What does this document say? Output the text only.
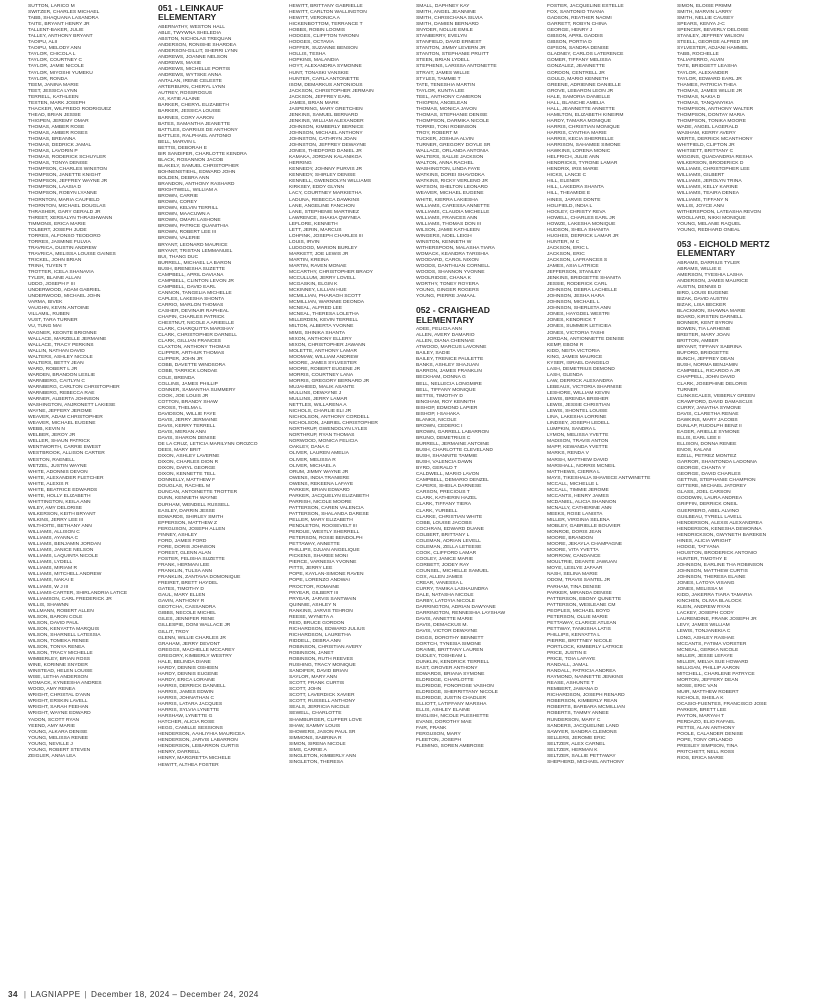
SUTTON, LARICO M
SWITZER, CHARLES MICHAEL
TABB, SHAQUANA LASANDRA
TAITE, BRYANT HENRY JR
TALLENT-BAKER, JULIE
TALLEY, ANTHONY BRYANT
TAOIPU, ALII
TAOIPU, MELODY ANN
TAYLOR, CHICOLA L
TAYLOR, COURTNEY C
TAYLOR, JAMIE NICOLE
TAYLOR, MIYOSHI YUMEKU
TAYLOR, RONDA
TEEM, JANINA MARIE
TEET, JESSICA LYNN
TERRELL, KATHLEEN
TESTEN, MARK JOSEPH
THACKER, WILFREDO RODRIGUEZ
THEAD, BRIAN JESSIE
THIGPEN, JEREMY OMAR
THOMAS, AMBER ROSE
THOMAS, AMBER ROSES
THOMAS, BREANNA
THOMAS, DEDRICK JAMAL
THOMAS, LAVORIN P
THOMAS, RODERICK SCHUYLER
THOMAS, TONYA DENISE
THOMPSON, CHARLES WINSTON
THOMPSON, JANETTE KNIGHT
THOMPSON, JEFFREY WAYNE JR
THOMPSON, LAASIA D
THOMPSON, ROBYN LYANNE
THORNTON, MARIA CAUFIELD
THORNTON, MICHAEL DOUGLAS
THRASHER, GARY GERALD JR
THREET, XERSALYN THRASHWANN
TIMMONS, ERICA MARIE
TOLBERT, JOSEPH JUDE
TORRES, ALFONSO TEODORO
TORRES, JASMINE FULVIA
TRAVRICA, DUSTIN ANDREW
TRAVRICA, MELISSA LOUISE GAINES
TRICKEL, JOHN BRIAN
TRINH, TUYEN T
TROTTER, ICELA SHANAVIA
TYLER, BLAINE ALLAN
UDDO, JOSEPH F III
UNDERWOOD, ADAM GABRIEL
UNDERWOOD, MICHAEL JOHN
VARMA, BIVEK
VAUGHN, KEVIN ANTOINE
VILLAMIL, RUBEN
VUST, TARA TURNER
VU, TUNG MAI
WAGNER, KEONTE BRIONNE
WALLACE, MARZELLE JERMAINE
WALLACE, TRACY PERKINS
WALLIN, NATHAN DAVID
WALTERS, ASHLEY NICOLE
WALTERS, BETTY JEAN
WARD, ROBERT L JR
WARDEN, BRANDON LESLIE
WARNBERG, CAITLYN C
WARNBERG, CARLTON CHRISTOPHER
WARNBERG, REBECCA RAE
WARNER, ALBERTA JOHNSON
WASHINGTON, ANJRONETT LAKIESE
WAYNE, JEFFERY JEROME
WEAVER, ADAM CHRISTOPHER
WEAVER, MICHAEL EUGENE
WEBB, KEVIN N
WELBER, JEROY JR
WELLER, SHAUN PATRICK
WENTWORTH, CARRIE EWEST
WESTBROOK, ALLISON CARTER
WESTON, RAENELL
WETZEL, JUSTIN WAYNE
WHITE, ADONNIS DEVON
WHITE, ALEXANDER FLETCHER
WHITE, ALEXIS R
WHITE, BEATRICE EDWARDS
WHITE, HOLLY ELIZABETH
WHITTINGTON, KEILA ANN
WILEY, AMY DELORISE
WILKERSON, KEITH BRYANT
WILKINS, JERRY LEE III
WILTHOITE, BETHANY ANN
WILLIAMS, ALLISON C
WILLIAMS, AYANNA C
WILLIAMS, BENJAMIN JORDAN
WILLIAMS, JANICE NELSON
WILLIAMS, LAQUINTA NICOLE
WILLIAMS, LYDELL
WILLIAMS, MIRIAM R
WILLIAMS, MITCHELL ANDREW
WILLIAMS, NAKAI E
WILLIAMS, W J III
WILLIAMS-CARTER, SHIRLANDRIA LATICE
WILLIAMSON, CARL FREDERICK JR
WILLIS, SHAWNN
WILLMANN, ROBERT ALLEN
WILSON, BARON COLE
WILSON, DAVID PAUL
WILSON, KENYATTA MARQUIS
WILSON, SHARNELL LATESSIA
WILSON, TOMEKA RENEE
WILSON, TONYA RENEA
WILSON, TRACY MICHELLE
WIMBERLEY, BRIAN ROSS
WINE, KORINNE SNYDER
WINSTEAD, HELEN LOUISE
WISE, LETHA ANDERSON
WOMACK, KYNEESHA ANDRES
WOOD, AMY RENEA
WRIGHT, CHRISTAL D'ANN
WRIGHT, ERSKIN LAVELL
WRIGHT, SARAH FEEHAN
WRIGHT, WAYNE EDWARD
YADON, SCOTT RYAN
YEEND, AMY MARIE
YOUNG, ALKARA DENISE
YOUNG, MELISSA RENEE
YOUNG, NEVILLE J
YOUNG, ROBERT STEVEN
ZEIGLER, ANNA LEA
051 - LEINKAUF ELEMENTARY
ABERNATHY, WESTON HALL
ABLE, TWYWNA SHELEDIA
ABSTON, NICHOLAS TREQUAN
ANDERSON, RONISHE SHARDEA
ANDERSON-GILLIT, SHERRI LYNN
ANDREWS, JOANNE NELSON
ANDREWS, MAXIE
ANDREWS, MICHELLE PORTIS
ANDREWS, WYTSKE ANNA
ANTALAN, IRENE CELESTE
ARTERBURN, CHERYL LYNN
AUTREY, ROSSROGUS
AX, KATIE ALAINE
BARKER, CHERYL ELIZABETH
BARKER, JESSICA LOUISE
BARNES, CORY AARON
BATES, SAMANTHA JEANETTE
BATTLES, DARRIUS DE ANTHONY
BATTLES, RALPHAEL ANTONIO
BELL, MARVIN L
BETTIS, DEBORAH E
BIR SANDIFER, CHARLOTTE KENDRA
BLACK, ROSANNON JACOB
BLAKELY, SAMUEL CHRISTOPHER
BOHNENSTIEHL, EDWARD JOHN
BOLDEN, DEBRA ANN
BRANDON, ANTHONY RASHARD
BRIGHTWELL, WILLIAM A
BROWN, CARRIE
BROWN, COREY
BROWN, KELVIN TERRILL
BROWN, MAACUWN A
BROWN, OMARI LASHONE
BROWN, PATRICE QUANITHIA
BROWN, ROBERT LEE III
BROWN, VALERIE
BRYANT, LEONARD MAURICE
BRYANT, TRISTAN LEMMANUEL
BUI, THANG DUC
BURRELL, MICHAEL LA BARON
BUSH, BRENESHA SUZETTE
CAMPBELL, APRIL DAVIANA
CAMPBELL, CLINTON LEVON JR
CAMPBELL, DAVID EARL
CANNON, TANGELIA MICHELLE
CAPLES, LAKESHA SHONTA
CARRIO, MARLON THOMAS
CASHER, DEVINAIR RAPHEAL
CHAPIN, CHARLES PATRICK
CHESTNUT, NICOLE A ARIEELLE
CLARK, CHARQUITTA MARSHAY
CLARK, CHRISTOPHER DARNELL
CLARK, GILLIAN FRANCES
CLAXTON, ANTHONY THOMAS
CLIPPER, ARTHUR THOMAS
CLIPPER, JOHN JR
COBB, DAVETTE WINDSORA
COBB, TARRICK LONDAE
COLE, BRENDA
COLLINS, JAMES PHILLIP
CONNER, SAMANTHA SUMMERY
COOK, JOE LOUIS JR
COTTON, BRANDY SHAW
CROSS, THELMA L
DAVIDSON, WILLIE FAYE
DAVIS, JERRY JERMAINE
DAVIS, KERRY TERRELL
DAVIS, MERIAN ANN
DAVIS, SHARON DENISE
DE LA CRUZ, LETICIA MARILYNN OROZCO
DEES, MARY BRIT
DIXON, ASHLEY LAVERNE
DIXON, CHARLES DION R
DIXON, DARYL GEORGE
DIXON, KENNETTE TELL
DONNELLY, MATTHEW F
DOUGLAS, RACHEL M
DUNCAN, ANTOINETTE TROTTER
DUNN, KENNETH WAYNE
DURHAM, WENDELL RUSSELL
EASLEY, DARRIN JESSE
EDWARDS, SHIRLEY SMITH
EPPERSON, MATTHEW Z
FERGUSON, JOSEPH ALLEN
FINNEY, ASHLEY
FORD, JAMES FORD
FORE, DORIS JOHNSON
FOREST, GLENN ALAN
FOSTER, FELISHA SUZETTE
FRANK, HERMAN LEE
FRANKLIN, TULSA ANN
FRANKLIN, ZANTAVIA DOMONIQUE
FREIRET, BRETT HAYDEL
GATES, TIMOTHY D
GAUL, MARY ELLEN
GAVIN, ANTHONY R
GEOTCHA, CASSANDRA
GIBBS, NECOLE MICHEL
GILES, JENNIFER RENE
GILLESPIE, DONI WALLACE JR
GILLIT, TROY
GLENN, WILLIE CHARLES JR
GRAHAM, JERRY DEVONT
GREGGS, MACHELLE MCCAREY
GREGORY, KIMBERLY WESTRY
HALE, BELINDA DIANE
HARDY, DENNIS OSHEEN
HARDY, DENNIS EUGENE
HARDY, ERICA LORAINE
HARRIS, DERRICK DANNELL
HARRIS, JAMES EDWIN
HARRIS, JOHNATHAN C
HARRIS, LATARA JACQUES
HARRIS, SYLVIA LYNETTE
HARSHAW, LYNETTE G
HATCHER, ALICIA ROSE
HEGG, CAMILLE SESSIONS
HENDERSON, AAHLIYHIA MAURICEA
HENDERSON, JARVIS LABARRON
HENDERSON, LEBARRON CURTIS
HENRY, DARRELL
HENRY, MARGRETTA MICHELE
HEWITT, ALTHEA FOSTER
HEWITT, BRITTANY GABRIELLE
HEWITT, CARLTON WALLINGTON
HEWITT, VERONICA A
HICKENBOTTOM, TERRANCE T
HOBBS, ROBIN LOOMIS
HODGES, CLIFFTON TARONN
HODGES, OCTAVIA
HOFFER, SUZANNE BENSON
HOLLIS, TESHA
HOPKINS, MALANDIA
HOYT, ALEXANDRIA SYMONNE
HUNT, TONASKI VANSKIE
HUNTER, CARLA ANTONETTE
ISOM, DEMARKUS ANTONIOUS
JACKSON, CHRISTOPHER JERMAIN
JACKSON, JEFFREY EARL
JAMES, BRIAN MARK
JASPERING, MARY GRETCHEN
JENKINS, SAMUEL BERNARD
JENKINS, WILLIAM ALEXANDER
JOHNSON, KIMBERLY BERNICE
JOHNSON, MICHAEL ANTHONY
JOHNSTON, CATHRYN JOAN
JOHNSTON, JEFFREY DEWAYNE
JONES, THEDFORD DANIEL JR
KAMAKA, JORDAN KALANIKOA
HERRING
KENNEDY, JOHNNY PURVIS JR
KENNEDY, SHIRLEY DENISE
KENNELL, GWENDOLYN WILLIAMS
KIRKSEY, EDDY GLYNN
LACY, COURTNEY MARKIETHA
LADUNA, REBECCA DAWKINS
LANE, ANGELINE FANCHON
LANE, STEPHENIE MARTINEZ
LAWRENCE, SHAKIA QWYNEA
LEFLORE, KENNETH
LETT, JERIN, MARCUS
LOHFINK, JOSEPH CHARLES III
LOUIS, IRVIN
LUDGOOD, MARION BURLEY
MARKETT, JOE LEWIS JR
MARTIN, KREINA
MARTIN, RAVEN MONAE
MCCARTHY, CHRISTOPHER BRADY
MCCULLUM, JERRY LOVELL
MCGASKIN, ELGIN K
MCKINNEY, LILLIAN HUE
MCMILLIAN, PHARAOH SCOTT
MCMILLIAN, WARNNIE DEONDA
MCNEAL, ALFRED LEE
MCNEAL, THERESA LOLETHA
MILLERDEN, KEVIN TERRELL
MILTON, ALBERTA YVONNE
MIMS, SHINIKA SHANTA
MIXON, ANTHONY ELLERY
MIXON, CHRISTOPHER JAWANN
MOLETTE, ANTHONY LAMAR
MOOMAW, WILLIAM ANDREW
MOORE, JAMES SYLVESTER
MOORE, ROBERT EUGENE JR
MORRIS, COURTNEY LANA
MORRIS, GREGORY BERNARD JR
MUJAHEED, MALIK ASANTE
MULLINS, DEWAYNE J
MULLINS, JERRY LAMAR
NETTLES, WILLARENA A
NICHOLS, CHARLIE ELI JR
NICHOLSON, ANTHONY CORDELL
NICHOLSON, JABRIEL CHRISTOPHER
NORTHRUP, GWENDOLYN LYLES
NORTHRUP, RYAN THOMAS
NORWOOD, MONICA FELICIA
OAKLEY, DANA C
OLIVER, LAUREN AMELIA
OLIVER, MELISSA R
OLIVER, MICHAEL A
ORUM, JIMMY WAYNE JR
OWENS, INDIA TRANIERE
OWENS, REKEENA LAFAYE
PARKER, BRIAN EDWARD
PARKER, JACQUELYN ELIZABETH
PARRISH, NICOLE MOORE
PATTERSON, CAREN VALENCIA
PATTERSON, SHALANDA DARESE
PELLER, MARY ELIZABETH
PENDLETON, ROOSEVELT III
PERDUE, WESTLY SHERRELL
PETERSON, ROSIE BENDOLPH
PETTAWAY, ANNETTE
PHILLIPS, DJUAN ANGELIQUE
PICKENS, SHAREE MONI
PIERCE, VARNESIA YVONNE
PITTS, JERRY LEE
POPE, KAYLAN-SIMONE RAVEN
POPE, LORENZO ANDWAI
PROCTOR, ROMAINE
PRYEAR, GILBERT III
PRYEAR, JARVIS SANTWAIN
QUINNIE, ASHLEY N
RANKINS, JARVIS TEHRON
REESE, WYNETA A
REID, BRUCE GORDON
RICHARDSON, EDWARD JULIUS
RICHARDSON, LAURETHA
RIDDELL, DEBRA ANN
ROBINSON, CHRISTIAN AVERY
ROBINSON, JANET
ROBINSON, RUTH REEVES
RUSHING, TRACY MONIQUE
SANDIFER, DAVID BRIAN
SAYLOR, MARY ANN
SCOTT, FRANK CURTIS
SCOTT, JOHN
SCOTT, LAVERDICK XAVIER
SCOTT, RUSSELL ANTHONY
SEALS, JERRICIA NICOLE
SEWELL, CHARLOTTE
SHAMBURGER, CLIFFER LOVE
SHAW, SAMMY LOUIS
SHOWERS, JASON PAUL SR
SIMMONS, SABRINA R
SIMON, SIRENA NICOLE
SIMS, CARRIE A
SINGLETON, KIMBERLY ANN
SINGLETON, THERESA
SMALL, DAPHNEY KAY
SMITH, ANGEL JEANNINE
SMITH, CHRISCHANA SILVIA
SMITH, DAMIEN BERNARD
SNYDER, NOLLIE EMILE
STANBERRY, EVELYN
STANFIELD, DAVID ERNEST
STANTON, JIMMY LEVERN JR
STANTON, STEPHANIE PRUITT
STEEN, BRIAN LYDELL
STEPHENS, LARISSA ANTONETTE
STRAIT, JAMES WILLIE
STYLES, TAMMIE T
TATE, TENESHIA MARTIN
TAYLOR, KUNTA LEE
TEEL, ANTHONY CAMERON
THIGPEN, ANGELEAN
THOMAS, MONICA JAVON
THOMAS, STEPHANIE DENISE
THOMPSON, DARMIKA NICOLE
TORREI, TONI ROBINSON
TROY, ROBERT M
TUCKER, JOSHUA ALVIN
TURNER, GREGORY DOYLE SR
WALLACE, ORLANDA ANTONIA
WALTERS, SALLIE JACKSON
WALTON, ANNA RACHEL
WASHINGTON, LINDA FAYE
WATKINS, DOREI SHAVODKA
WATKINS, RICKY VERLENO JR
WATSON, SHELTON LEONARD
WEAVER, MICHAEL EUGENE
WHITE, KIERRA LAKIESHA
WILLIAMS, CARESSA ANNETTE
WILLIAMS, CLAUDIA MICHELLE
WILLIAMS, FRANCES ANN
WILLIAMS, THOMAS DON III
WILSON, JAMIE KATHLEEN
WINGERS, NOEL LEIGH
WINSTON, KENNETH W
WITHERSPOON, MALASHA TIARA
WOMACK, KEANDRA TARISHIA
WOODARD, CAROL NIXON
WOODS, DANTHUAN CORNELL
WOODS, SHANNON YVONNE
WOOLRIDGE, CHANA K
WORTHY, TONEY ROYERA
YOUNG, GINGER ROGERS
YOUNG, PIERRE JAMAAL
052 - CRAIGHEAD ELEMENTARY
ADEE, FELICIA ANN
ALLEN, AVERY DAMARIO
ALLEN, DIANA CHENNAE
ATWOOD, MARCUS LAVONNE
BAILEY, SADIE
BAILEY, TRENICE PAULETTE
BANKS, ASHLEY SHAJUAN
BARRON, JAMES FRANKLIN
BECKHAM, DONNA G
BELL, NELLECIA LONGMIRE
BELL, TIFFANY MONIQUE
BETTIS, TIMOTHY D
BINGHAM, ROY KENNITH
BISHOP, EDMOND LAPIER
BISHOP, I-SAHAKA
BLANKS, NICOLE
BROWN, CEDERIC I
BROWN, GARRELL LABARRON
BRUNO, DEMETRIUS C
BURRELL, JERMAINE ANTOINE
BUSH, CHARLOTTE CLEVELAND
BUSH, SHANNITE TAMMIE
BUSH, VALENCIA DAWN
BYRD, GERALD T
CALDWELL, MARIO LAVON
CAMPBELL, DEMARIO DENZEL
CAPERS, SHEILA DARNESE
CARSON, PRECIOUS T
CLARK, KATHERIN HAZEL
CLARK, TIFFANY TIERA
CLARK, YURBELL
CLARKE, CHRISTIAN WHITE
COBB, LOUISE JACOBS
COCHRAN, EDWARD DUANE
COLBERT, BRITTANY L
COLEMAN, ADRIAN LEVELL
COLEMAN, ZELLA LETEESE
COOK, CLIFFORD LAMAR
COOLEY, JANICE MARIE
CORBETT, JODEY RAY
COUNSEL, MICHELLE SAMUEL
COX, ALLEN JAMES
CREAR, VANESSA L
CURRY, TAMIKA LASHAUNDRA
DALE, NATASHA NICOLE
DARBY, LATOYIA NICOLE
DARRINGTON, ADRIAN DAWYANE
DARRINGTON, RENNESHIA LAYSHAW
DAVIS, ANNETTE MARIE
DAVIS, DEMACKUS M.
DAVIS, VICTOR DEWAYNE
DIGGS, DOROTHY BENNETT
DORTCH, TYNESIA SIMONE
DRAIME, BRITTANY LAUREN
DUDLEY, TOSHEAM L
DUNKLIN, KENDRICK TERRELL
EAST, GROVER ANTHONY
EDWARDS, BRIANA SYMONE
ELDRIDGE, CHARLOTTE
ELDRIDGE, FONOROSE VASHON
ELDRIDGE, SHERRITTANY NICOLE
ELDRIDGE, JUSTIN CHADLER
ELLIOTT, LATIFFANY MARSHA
ELLIS, ASHLEY ELAINE
ENGLISH, NICOLE PLESHETTE
EVANS, DOROTHY MAE
FAIR, FRANK
FERGUSON, MARY
FLEETON, JOSEPH
FLEMING, SOREN AMBROSE
FOSTER, JACQUELINE ESTELLE
FOX, SANTONIO TIVANA
GADSON, REATHER NAOMI
GARRETT, ROBYN CHINA
GEORGE, HENRY J
GIBSON, APRIL GADDIS
GIBSON, PORTIA D
GIPSON, SANDRA DENISE
GLADNEY, CARLOS LATERENCE
GOMER, TIFFANY MELISSA
GONZALEZ, JEANNETTE
GORDON, CENTRELL JR
GOULD, MARIO KENNETH
GREENE, ADRIENNE DANIELLE
GROVE, LEBARON LEON JR
HALE, SAMORIA DANIELLE
HALL, BLANCHE AMELIA
HALL, JEANNETTE ANNETTE
HAMILTON, ELIZABETH KINEIRM
HARDY, TAMARA MONIQUE
HARRIS, CHRISTIAN MONIQUE
HARRIS, CYNTHIA MARIE
HARRIS, KECIA SHERRELLE
HARRISON, SAHAMEE SIMONE
HAWKINS, LORENA MONIC
HELFRICH, JULIE ANN
HENDRICKS, TYRONE LAMAR
HENDRIX, IRIS MARIE
HICKS, LANCE C
HILL, ELENER
HILL, LAKEDRA SHANTA
HILL, THEAMIDE E
HINES, JARVIS DONTE
HOLIFIELD, INDIA L
HOOLEY, CHRISTY REVA
HOWELL, CHARLES EARL JR
HOWZE, LAKESHA MONIQUE
HUDSON, SHELA SHANITA
HUGHES, DERRICK LAMAR JR
HUNTER, M C
JACKSON, ERIC L
JACKSON, ERIC
JACKSON, LAFRANCES S
JAMES, ASIA LATRICE
JEFFERSON, STANLEY
JENKINS, BRIDGETTE SHANITA
JESSIE, RODERICK CARL
JOHNSON, DEBRA LACHELLE
JOHNSON, JESHA HARA
JOHNSON, MICHAEL L
JOHNSON, SHERLETA ANN
JONES, HAYGDEL WESTRI
JONES, KENDRICK T
JONES, SUMMER LETICIEA
JONES, VICTORIA TASHI
JORDAN, ANTIONNETTE DENISE
KEMP, EBONI R
KIDD, NEITA VICTORIA
KING, JAMES MAURICE
KYSER, ISRAEL DANGELO
LASH, DEMETRIUS DEMOND
LASH, GLENDA
LAW, DERRICK ALEXANDRA
LEBEAUX, VICTORIA SHARNISE
LESHORE, WILLIAM KEVIN
LEWIS, BRENDA BRISHER
LEWIS, JESSIE CHRISTIAN
LEWIS, SHONTEL LOUISE
LINA, LAKESHA LORRINE
LINDSEY, JOSEPH LEDELL
LUMPKIN, SANDRA L
LYMON, MELISSA YVETTE
MADISON, TRAVIS ANTON
MAPP, KEWANDA YVETTE
MARKS, RENDA V
MARSH, MATTHEW DAVID
MARSHALL, NORRIS MCNEIL
MATTHEWS, CIERRA L
MAYS, TIKESHALIA SHAVIECE ANTWINETTE
MCCALL, MICHELLE L
MCCALL, TIMMIE JEROME
MCCANTS, HENRY JAMES
MCDANIEL, ALICIA SHANNON
MCNALLY, CATHERINE ANN
MEEKS, ROSE LANISTA
MILLER, VIRGINIA SELENA
MOBLEY, GABRIELLE BOUVIER
MONROE, DORIS JEAN
MOORE, BRANDON
MOORE, JEKAYLA CHAMPAGNE
MOORE, VITA YVETTA
MORROW, CANDANCE
MOULTRIE, DEANTE JAWUAN
MOYE, LESLYE JAFAAR
NASH, SELINA MARIE
ODOM, TRAVIS SANTEL JR
PARHAM, TINA DENISE
PARKER, MIRANDA DENISE
PATTERSON, EBONY QUNETTE
PATTERSON, WESLEANE CM
PEOPLES, MICHAEL BOYD
PETERSON, OLLIE MARIE
PETTAWAY, CLARICE ATLEAN
PETTWAY, TANKISHA LATIS
PHILLIPS, KENYATTA L
PIERRE, BRITTNEY NICOLE
PORTLOCK, KIMBERLY LATRICE
PRICE, JUSTIN E
PRICE, TOIA LAFAYE
RANDALL, JAMAL
RANDALL, PATRICIA ANDREA
RAYMOND, NANNETTE JENKINS
REASE, ASHUNTE T
REMBERT, JAWANA D
RICHARDSON, JOSEPH RENARD
ROBERSON, KIMBERLY REAN
ROBERTS, BARBARA MCMILLIAN
ROBERTS, TAMMY ANNEE
RUNDERSON, MARY C
SANDERS, JACQUELINE LAND
SAWYER, SANDRA CLEMONS
SELLERS, JEROME ERIC
SELTZER, ALEX CARNEL
SELTZER, HERMAN K
SELTZER, SALLIE PETTAWAY
SHEPHERD, MICHAEL ANTHONY
SIMON, ELOISE PRIMM
SMITH, MARVIN LARRY
SMITH, NELLIE CAUSEY
SPEARS, KENYA J-C
SPENCER, BEVERLY DELOISE
STANLEY, JEFFREY WILSON
STEELL, GEORGE ALFRED SR
SYLVESTER, ADJANI HAMMEL
TABB, ROCHELLE
TALIAFERRO, ALVIN
TATE, BRIDGETT LEASHA
TAYLOR, ALEXANDER
TAYLOR, EDWARD EARL JR
THAMES, PATRICIA THEA
THOMAS, JAMES WILLIE JR
THOMAS, NAKIA D
THOMAS, TANQANYIKIA
THOMPSON, ANTHONY WALTER
THOMPSON, DONTAY MARIA
THOMPSON, TONIKA MOORE
WADE, ANGEL LAGERALD
WASHAM, KERRY AVERY
WERTS, DERRICK MCANTHONY
WHITFIELD, CLIFTON JR
WHITSETT, BRITTANY C
WIGGINS, QUADANDRIA RESHA
WILKERSON, BRODERICK D
WILLIAMS, CHRISTOPHER LEE
WILLIAMS, GILBERT
WILLIAMS, JEROLYN TRINA
WILLIAMS, KELLY KARINE
WILLIAMS, TEAIRA DENEA
WILLIAMS, TIFFANY N
WILLIS, JOYCE ANN
WITHERSPOON, LATEASHA REVON
WOOLLARD, NIKKI MONIQUE
YOUNG, MELANIE RAQUEL
YOUNG, REDHARD ONEAL
053 - EICHOLD MERTZ ELEMENTARY
ABRAMS, DARRIUS TYLER
ABRAMS, WILLIE E
AMERSON, TYESHIA LASHA
ANDERSON, JAMES MAURICE
AUSTIN, DENNIS D
BIRD, LOUIS EUGENE
BIZAK, DAVID AUSTIN
BIZAK, LISA BECKER
BLACKMON, SHAWNA MARIE
BOARD, KIRSTEN DARNELL
BONNER, KENT BYRON
BOWEN, TIA LARHENE
BREITER, MARY JOAN
BRITTON, AMBER
BRYANT, TIFFANY SABRINA
BUFORD, BRIDGETTE
BUNCH, JEFFREY DEAN
BUSH, NORMA BENJAMIN
CAMPBELL, RICARDO A JR
CHAPPELL, JOHN DAVID
CLARK, JOSEPHINE DELORIS
TURNER
CLINKSCALES, VEBERLY GREEN
CRAWFORD, DAVID DAMASCUS
CURRY, JANATHA SYMONE
DAVIS, CLARETHA RENAE
DAWKINS, MARY JACOBS
DUNLAP, RUDOLPH BENZ II
EAGER, ARIELLE SYMONE
ELLIS, EARL LEE II
ELLISON, DONNA RENEE
ENOS, KALANI
EZELL, PETREZ MONTEZ
GARROR, SHANTONDA LADONNA
GEORGE, CHANTA Y
GEORGE, DAVID CHARLES
GETTNS, STEPHANIE CHAMPION
GITTERE, MICHAEL JATOREY
GLASS, JOEL CARSON
GOODWIN, LAURA ANDREA
GRIFFIN, DERRICK ONEIL
GUERRERO, ABEL ALVINO
GUILBEAU, TYRELL LAVELL
HENDERSON, ALEXIS ALEXANDREA
HENDERSON, KENESHA DEWONNA
HENDRICKSON, GWYNETH BAREKEN
HINES, ALICIA WRIGHT
HODGE, TATYANA
HOUSTON, BRODERICK ANTONIO
HUNTER, TIMOTHY E
JOHNSON, EARLINE THA ROBINSON
JOHNSON, MATTHEW CURTIS
JOHNSON, THERESA ELAINE
JONES, LATOYA VISANG
JONES, MELISSA M
KIDD, JAKERRA TIARA TAMARIA
KINCHEN, OLIVIA BLALOCK
KLEIN, ANDREW RYAN
LACKEY, JOSEPH CODY
LAURENDINE, FRANK JOSEPH JR
LEVY, JAMES WILLIAM
LEWIS, TONJANEKIA C
LONG, ASHLEY RASHAE
MCCANTS, FATIMA VORSTER
MCNEAL, GERIKA NICOLE
MILLER, JESSE LEFAYE
MILLER, MELVA SUE HOWARD
MILLIGAN, PHILLIP AARON
MITCHELL, CHARLENE PATRYCE
MORTON, JEFFERY DEAN
MOSE, ERIC VAN
MUIR, MATTHEW ROBERT
NICHOLS, SHEILA K
OCASIO-FUENTES, FRANCISCO JOSE
PARKER, BRETT LEE
PAYTON, MARYAH T
PERDAZO, ELIO RAFAEL
PETTIS, ALAN ANTHONY
POOLE, CALANDER DENISE
POPE, TONY ORLANDO
PRESLEY SIMPSON, TINA
PRITCHETT, NELL ROSS
RIOS, ERICA MARIE
34 | LAGNIAPPE | December 18, 2024 – December 24, 2024
